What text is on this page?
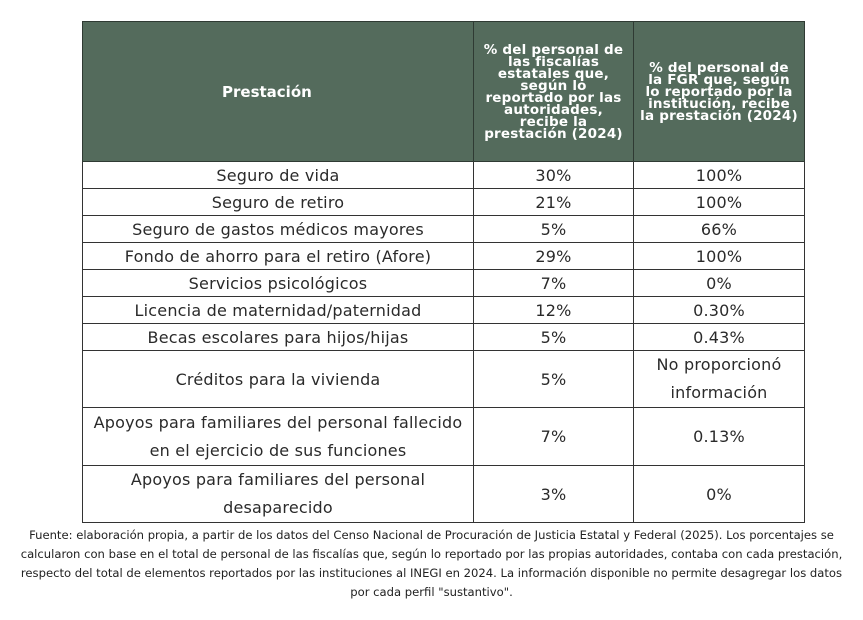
Prestación	% del personal de las fiscalías estatales que, según lo reportado por las autoridades, recibe la prestación (2024)	% del personal de la FGR que, según lo reportado por la institución, recibe la prestación (2024)
Seguro de vida	30%	100%
Seguro de retiro	21%	100%
Seguro de gastos médicos mayores	5%	66%
Fondo de ahorro para el retiro (Afore)	29%	100%
Servicios psicológicos	7%	0%
Licencia de maternidad/paternidad	12%	0.30%
Becas escolares para hijos/hijas	5%	0.43%
Créditos para la vivienda	5%	No proporcionó información
Apoyos para familiares del personal fallecido en el ejercicio de sus funciones	7%	0.13%
Apoyos para familiares del personal desaparecido	3%	0%

Fuente: elaboración propia, a partir de los datos del Censo Nacional de Procuración de Justicia Estatal y Federal (2025). Los porcentajes se calcularon con base en el total de personal de las fiscalías que, según lo reportado por las propias autoridades, contaba con cada prestación, respecto del total de elementos reportados por las instituciones al INEGI en 2024. La información disponible no permite desagregar los datos por cada perfil "sustantivo".
